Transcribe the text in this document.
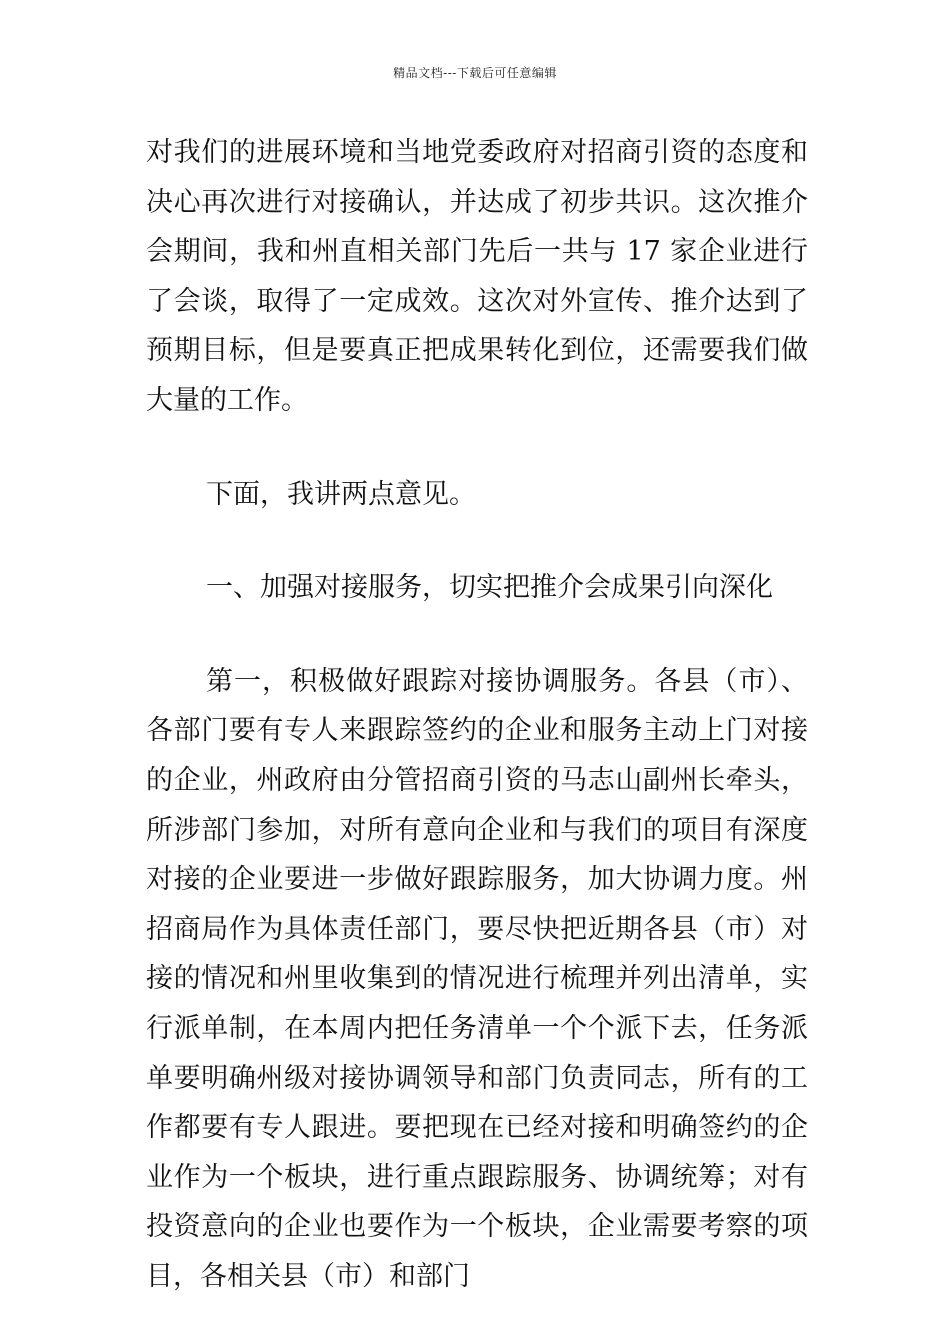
精品文档---下载后可任意编辑

对我们的进展环境和当地党委政府对招商引资的态度和决心再次进行对接确认，并达成了初步共识。这次推介会期间，我和州直相关部门先后一共与 17 家企业进行了会谈，取得了一定成效。这次对外宣传、推介达到了预期目标，但是要真正把成果转化到位，还需要我们做大量的工作。

下面，我讲两点意见。

一、加强对接服务，切实把推介会成果引向深化

第一，积极做好跟踪对接协调服务。各县（市）、各部门要有专人来跟踪签约的企业和服务主动上门对接的企业，州政府由分管招商引资的马志山副州长牵头，所涉部门参加，对所有意向企业和与我们的项目有深度对接的企业要进一步做好跟踪服务，加大协调力度。州招商局作为具体责任部门，要尽快把近期各县（市）对接的情况和州里收集到的情况进行梳理并列出清单，实行派单制，在本周内把任务清单一个个派下去，任务派单要明确州级对接协调领导和部门负责同志，所有的工作都要有专人跟进。要把现在已经对接和明确签约的企业作为一个板块，进行重点跟踪服务、协调统筹；对有投资意向的企业也要作为一个板块，企业需要考察的项目，各相关县（市）和部门
